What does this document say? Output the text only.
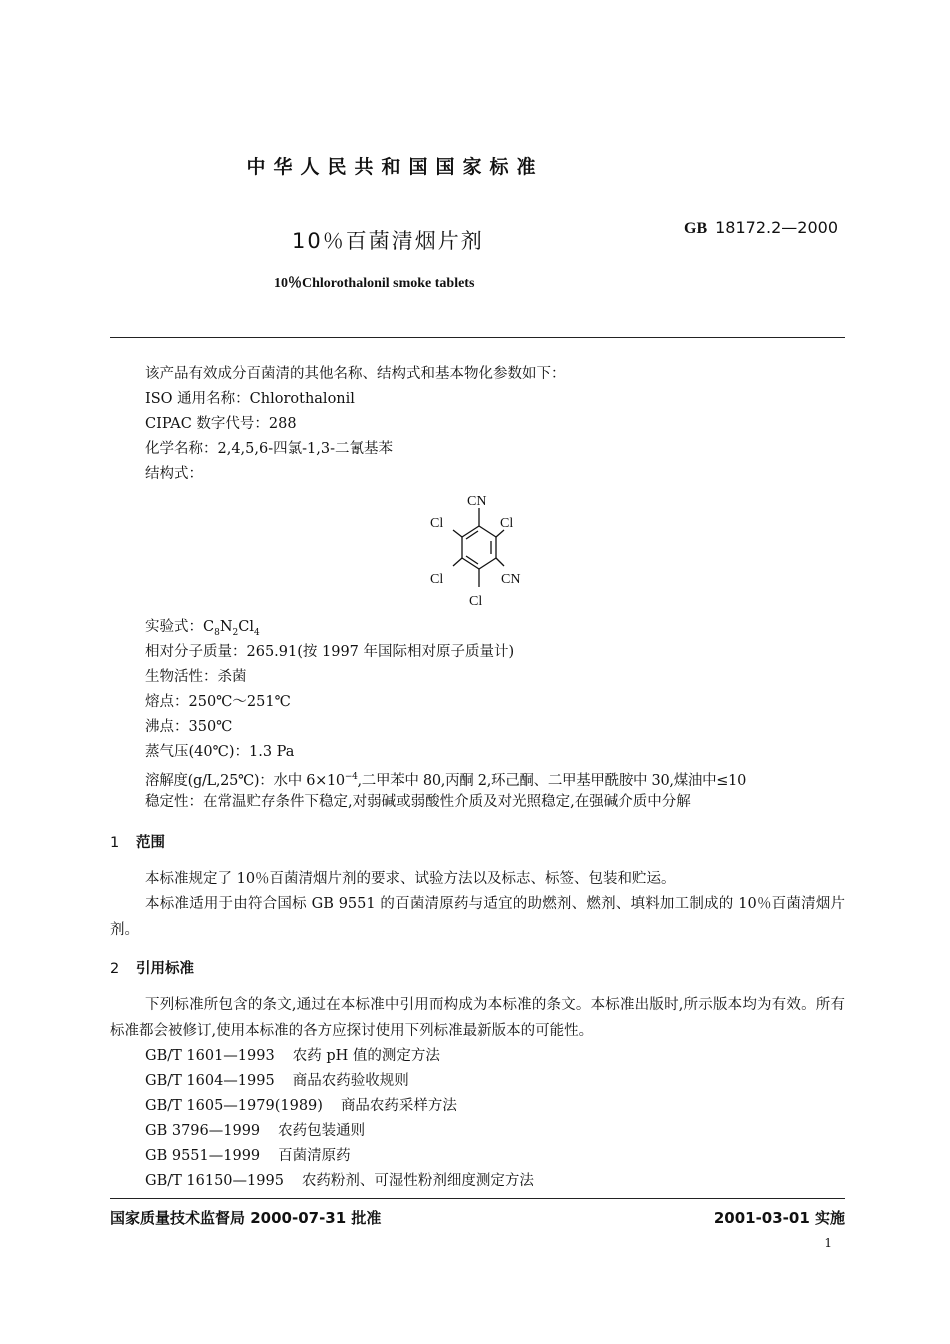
中华人民共和国国家标准
GB 18172.2—2000
10％百菌清烟片剂
10％Chlorothalonil smoke tablets
该产品有效成分百菌清的其他名称、结构式和基本物化参数如下：
ISO 通用名称：Chlorothalonil
CIPAC 数字代号：288
化学名称：2,4,5,6-四氯-1,3-二氰基苯
结构式：
CN
Cl	Cl
Cl	CN
Cl
实验式：$C_8N_2Cl_4$
相对分子质量：265.91(按 1997 年国际相对原子质量计)
生物活性：杀菌
熔点：250℃～251℃
沸点：350℃
蒸气压(40℃)：1.3 Pa
溶解度(g/L,25℃)：水中 $6\times 10^{-4}$,二甲苯中 80,丙酮 2,环己酮、二甲基甲酰胺中 30,煤油中≤10
稳定性：在常温贮存条件下稳定,对弱碱或弱酸性介质及对光照稳定,在强碱介质中分解
1 范围
本标准规定了 10％百菌清烟片剂的要求、试验方法以及标志、标签、包装和贮运。
本标准适用于由符合国标 GB 9551 的百菌清原药与适宜的助燃剂、燃剂、填料加工制成的 10％百菌清烟片剂。
2 引用标准
下列标准所包含的条文,通过在本标准中引用而构成为本标准的条文。本标准出版时,所示版本均为有效。所有标准都会被修订,使用本标准的各方应探讨使用下列标准最新版本的可能性。
GB/T 1601—1993 农药 pH 值的测定方法
GB/T 1604—1995 商品农药验收规则
GB/T 1605—1979(1989) 商品农药采样方法
GB 3796—1999 农药包装通则
GB 9551—1999 百菌清原药
GB/T 16150—1995 农药粉剂、可湿性粉剂细度测定方法
国家质量技术监督局 2000-07-31 批准	2001-03-01 实施
1
